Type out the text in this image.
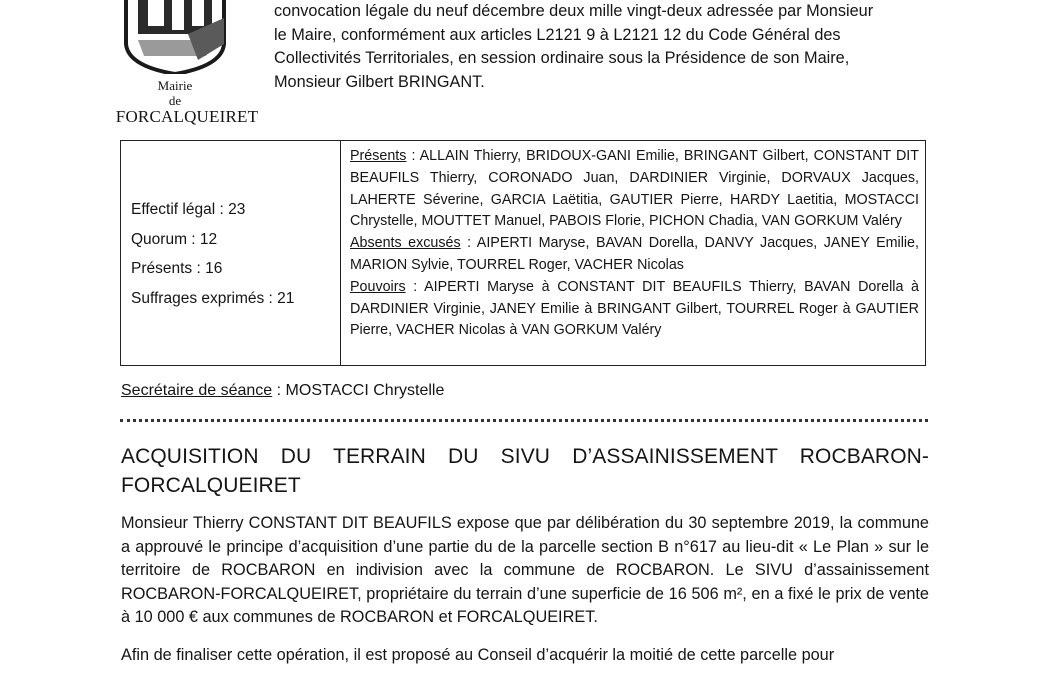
Mairie
de
FORCALQUEIRET

convocation légale du neuf décembre deux mille vingt-deux adressée par Monsieur

le Maire, conformément aux articles L2121 9 à L2121 12 du Code Général des

Collectivités Territoriales, en session ordinaire sous la Présidence de son Maire,

Monsieur Gilbert BRINGANT.

Effectif légal : 23
Quorum : 12
Présents : 16
Suffrages exprimés : 21

Présents : ALLAIN Thierry, BRIDOUX-GANI Emilie, BRINGANT Gilbert, CONSTANT DIT BEAUFILS Thierry, CORONADO Juan, DARDINIER Virginie, DORVAUX Jacques, LAHERTE Séverine, GARCIA Laëtitia, GAUTIER Pierre, HARDY Laetitia, MOSTACCI Chrystelle, MOUTTET Manuel, PABOIS Florie, PICHON Chadia, VAN GORKUM Valéry

Absents excusés : AIPERTI Maryse, BAVAN Dorella, DANVY Jacques, JANEY Emilie, MARION Sylvie, TOURREL Roger, VACHER Nicolas

Pouvoirs : AIPERTI Maryse à CONSTANT DIT BEAUFILS Thierry, BAVAN Dorella à DARDINIER Virginie, JANEY Emilie à BRINGANT Gilbert, TOURREL Roger à GAUTIER Pierre, VACHER Nicolas à VAN GORKUM Valéry

Secrétaire de séance : MOSTACCI Chrystelle
ACQUISITION DU TERRAIN DU SIVU D’ASSAINISSEMENT ROCBARON-FORCALQUEIRET

Monsieur Thierry CONSTANT DIT BEAUFILS expose que par délibération du 30 septembre 2019, la commune a approuvé le principe d’acquisition d’une partie du de la parcelle section B n°617 au lieu-dit « Le Plan » sur le territoire de ROCBARON en indivision avec la commune de ROCBARON. Le SIVU d’assainissement ROCBARON-FORCALQUEIRET, propriétaire du terrain d’une superficie de 16 506 m², en a fixé le prix de vente à 10 000 € aux communes de ROCBARON et FORCALQUEIRET.

Afin de finaliser cette opération, il est proposé au Conseil d’acquérir la moitié de cette parcelle pour
